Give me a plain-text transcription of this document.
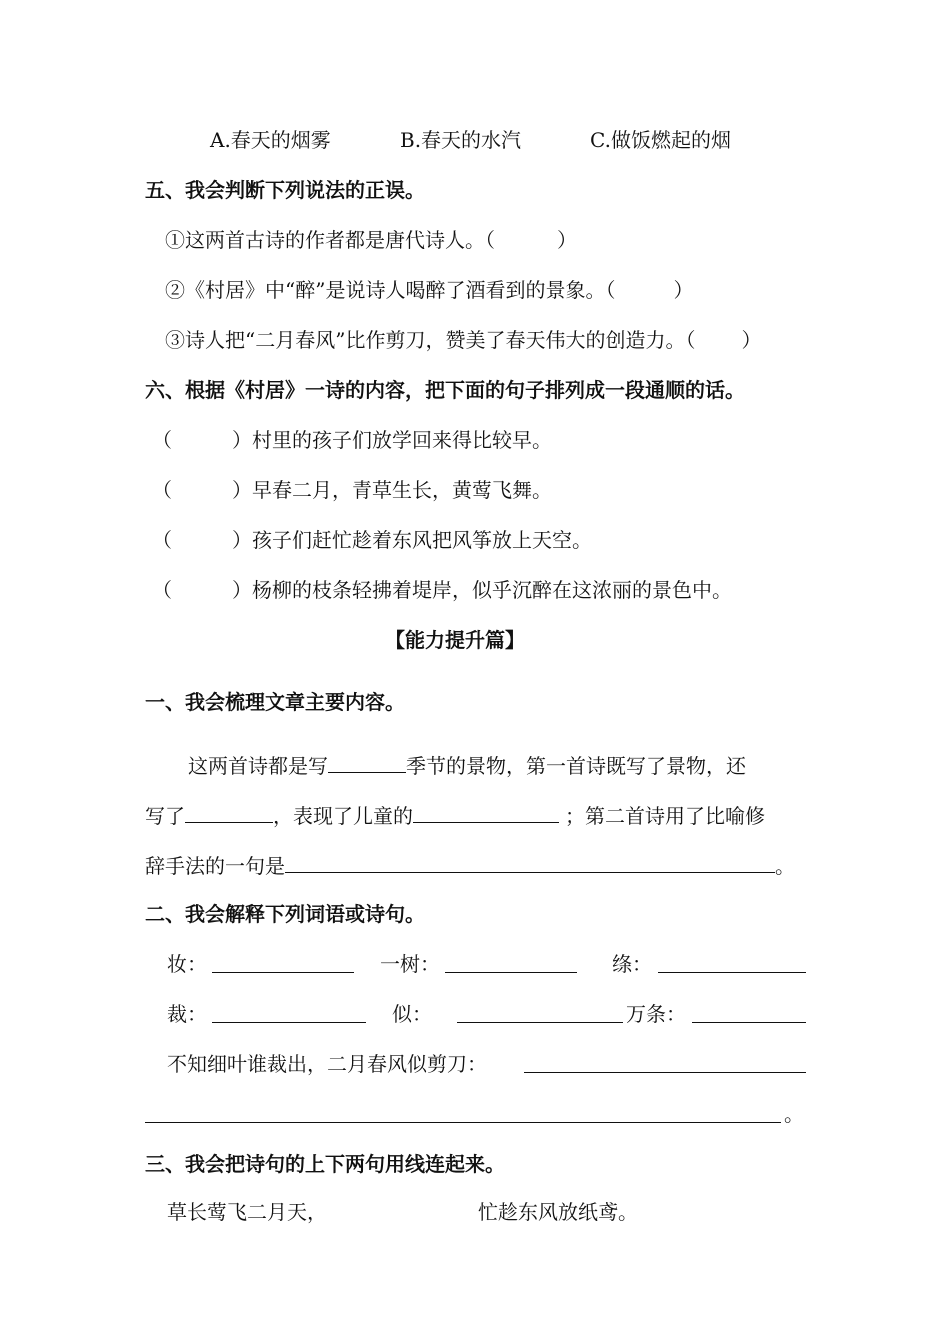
A.春天的烟雾	B.春天的水汽	C.做饭燃起的烟
五、我会判断下列说法的正误。
①这两首古诗的作者都是唐代诗人。（	）
②《村居》中“醉”是说诗人喝醉了酒看到的景象。（	）
③诗人把“二月春风”比作剪刀，赞美了春天伟大的创造力。（ ）
六、根据《村居》一诗的内容，把下面的句子排列成一段通顺的话。
（	）村里的孩子们放学回来得比较早。
（	）早春二月，青草生长，黄莺飞舞。
（	）孩子们赶忙趁着东风把风筝放上天空。
（	）杨柳的枝条轻拂着堤岸，似乎沉醉在这浓丽的景色中。
【能力提升篇】
一、我会梳理文章主要内容。
这两首诗都是写	季节的景物，第一首诗既写了景物，还
写了	，表现了儿童的	；第二首诗用了比喻修
辞手法的一句是	。
二、我会解释下列词语或诗句。
妆：	一树：	绦：
裁：	似：	万条：
不知细叶谁裁出，二月春风似剪刀：
。
三、我会把诗句的上下两句用线连起来。
草长莺飞二月天，	忙趁东风放纸鸢。
